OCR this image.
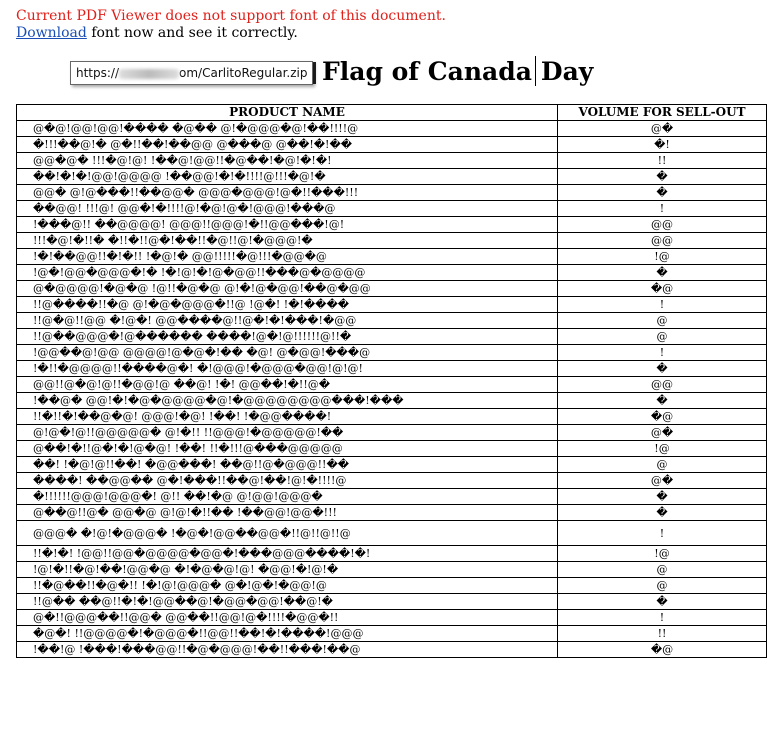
Current PDF Viewer does not support font of this document.
Download font now and see it correctly.
https://	om/CarlitoRegular.zip Flag of Canada Day
PRODUCT NAME	VOLUME FOR SELL-OUT
@�@!@@!@@!���� �@�� @!�@@@�@!��!!!!@	@�
�!!!��@!� @�!!��!��@@ @���@ @��!�!��	�!
@@�@� !!!�@!@! !��@!@@!!�@��!�@!�!�!	!!
��!�!�!@@!@@@@ !��@@!�!�!!!!@!!!�@!�	�
@@� @!@���!!��@@� @@@�@@@!@�!!���!!!	�
��@@! !!!@! @@�!�!!!!@!�@!@�!@@@!���@	!
!���@!! ��@@@@! @@@!!@@@!�!!@@���!@!	@@
!!!�@!�!!� �!!�!!@�!��!!�@!!@!�@@@!�	@@
!�!��@@!!�!�!! !�@!� @@!!!!!�@!!!�@@�@	!@
!@�!@@�@@@�!� !�!@!�!@�@@!!���@�@@@@	�
@�@@@@!�@�@ !@!!�@�@ @!�!@�@@!��@�@@	�@
!!@����!!�@ @!�@�@@@�!!@ !@�! !�!����	!
!!@�@!!@@ �!@�! @@����@!!@�!�!���!�@@	@
!!@��@@@�!@������ ����!@�!@!!!!!!@!!�	@
!@@��@!@@ @@@@!@�@�!�� �@! @�@@!���@	!
!�!!�@@@@!!����@�! �!@@@!�@@@�@@!@!@!	�
@@!!@�@!@!!�@@!@ ��@! !�! @@��!�!!@�	@@
!��@� @@!�!�@�@@@@�@!�@@@@@@@@���!���	�
!!�!!�!��@�@! @@@!�@! !��! !�@@����!	�@
@!@�!@!!@@@@@� @!�!! !!@@@!�@@@@@!��	@�
@��!�!!@�!�!@�@! !��! !!�!!!@���@@@@@	!@
��! !�@!@!!��! �@@���! ��@!!@�@@@!!��	@
����! ��@@�� @�!���!!��@!��!@!�!!!!@	@�
�!!!!!!@@@!@@@�! @!! ��!�@ @!@@!@@@�	�
@��@!!@� @@�@ @!@!�!!�� !��@@!@@�!!!	�
@@@� �!@!�@@@� !�@�!@@��@@�!!@!!@!!@	!
!!�!�! !@@!!@@�@@@@�@@�!���@@@����!�!	!@
!@!�!!�@!��!@@�@ �!�@�@!@! �@@!�!@!�	@
!!�@��!!�@�!! !�!@!@@@� @�!@�!�@@!@	@
!!@�� ��@!!�!�!@@��@!�@@�@@!��@!�	�
@�!!@@@��!!@@� @@��!!@@!@�!!!!�@@�!!	!
�@�! !!@@@@�!�@@@�!!@@!!��!�!����!@@@	!!
!��!@ !���!���@@!!�@�@@@!��!!���!��@	�@
